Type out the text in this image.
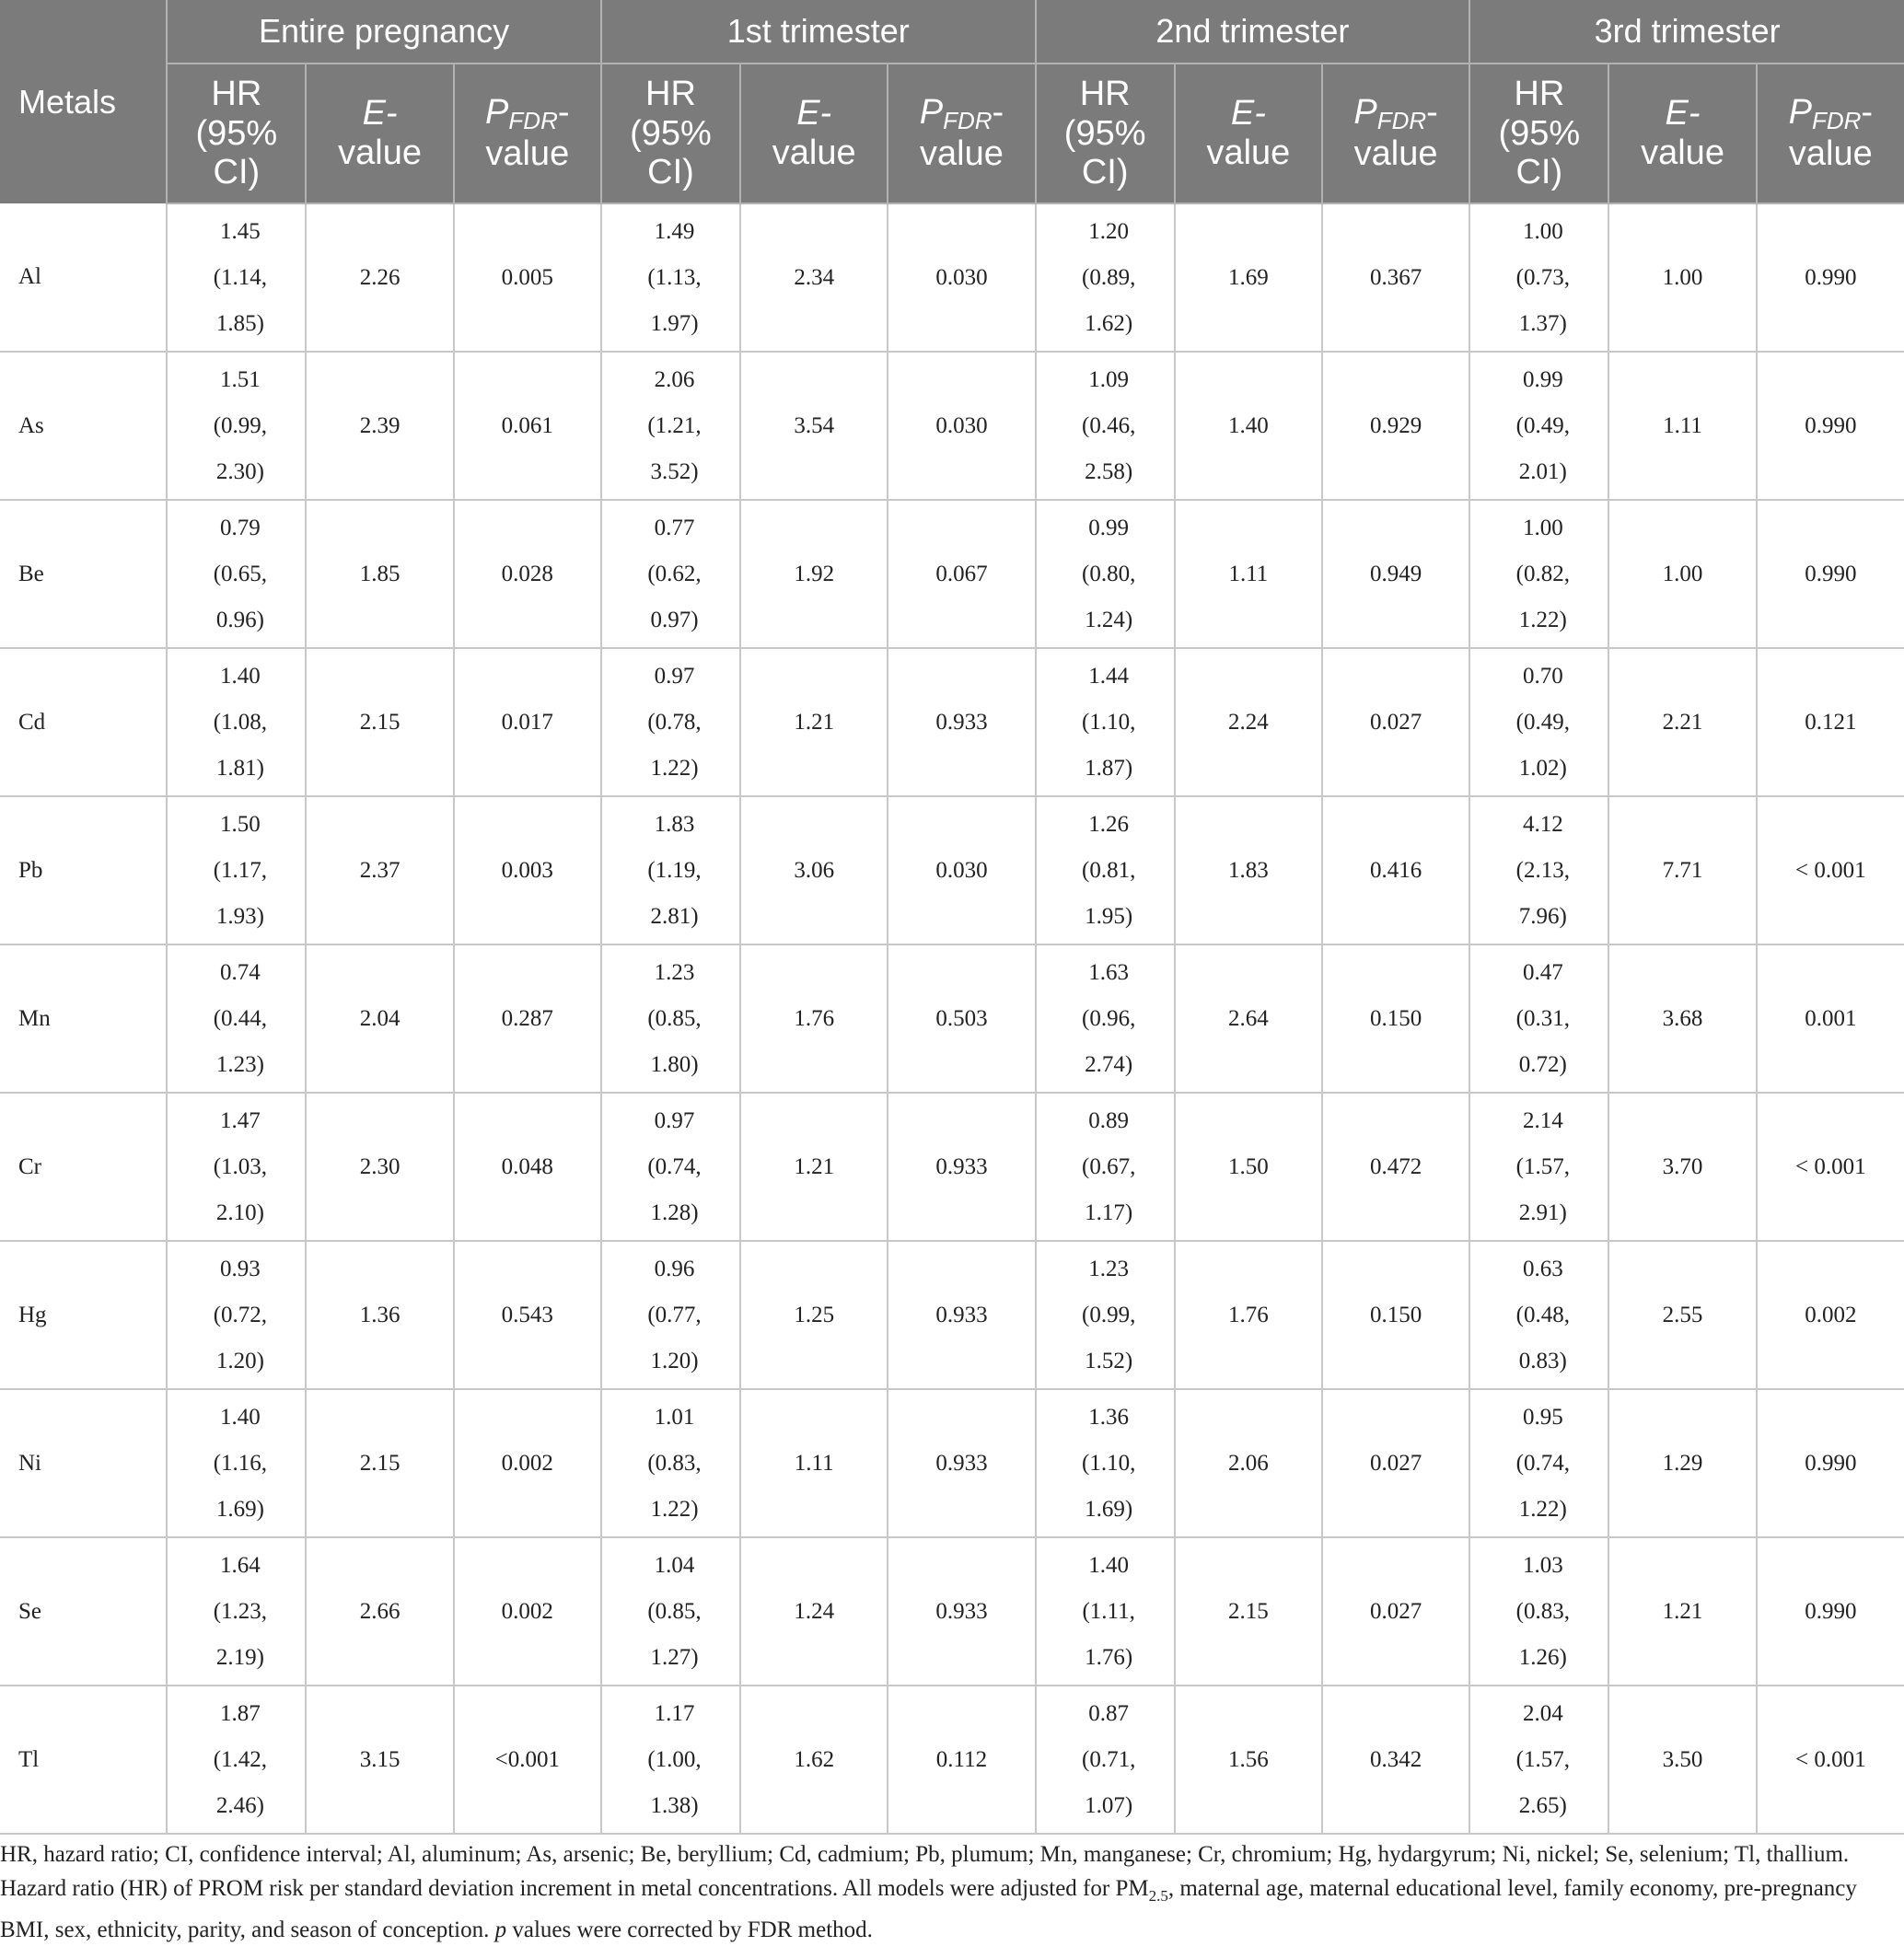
Metals	Entire pregnancy			1st trimester			2nd trimester			3rd trimester		
	HR
(95%
CI)	E-
value	$P_{FDR}-$
value	HR
(95%
CI)	E-
value	$P_{FDR}-$
value	HR
(95%
CI)	E-
value	$P_{FDR}-$
value	HR
(95%
CI)	E-
value	$P_{FDR}-$
value
Al	1.45
(1.14,
1.85)	2.26	0.005	1.49
(1.13,
1.97)	2.34	0.030	1.20
(0.89,
1.62)	1.69	0.367	1.00
(0.73,
1.37)	1.00	0.990
As	1.51
(0.99,
2.30)	2.39	0.061	2.06
(1.21,
3.52)	3.54	0.030	1.09
(0.46,
2.58)	1.40	0.929	0.99
(0.49,
2.01)	1.11	0.990
Be	0.79
(0.65,
0.96)	1.85	0.028	0.77
(0.62,
0.97)	1.92	0.067	0.99
(0.80,
1.24)	1.11	0.949	1.00
(0.82,
1.22)	1.00	0.990
Cd	1.40
(1.08,
1.81)	2.15	0.017	0.97
(0.78,
1.22)	1.21	0.933	1.44
(1.10,
1.87)	2.24	0.027	0.70
(0.49,
1.02)	2.21	0.121
Pb	1.50
(1.17,
1.93)	2.37	0.003	1.83
(1.19,
2.81)	3.06	0.030	1.26
(0.81,
1.95)	1.83	0.416	4.12
(2.13,
7.96)	7.71	< 0.001
Mn	0.74
(0.44,
1.23)	2.04	0.287	1.23
(0.85,
1.80)	1.76	0.503	1.63
(0.96,
2.74)	2.64	0.150	0.47
(0.31,
0.72)	3.68	0.001
Cr	1.47
(1.03,
2.10)	2.30	0.048	0.97
(0.74,
1.28)	1.21	0.933	0.89
(0.67,
1.17)	1.50	0.472	2.14
(1.57,
2.91)	3.70	< 0.001
Hg	0.93
(0.72,
1.20)	1.36	0.543	0.96
(0.77,
1.20)	1.25	0.933	1.23
(0.99,
1.52)	1.76	0.150	0.63
(0.48,
0.83)	2.55	0.002
Ni	1.40
(1.16,
1.69)	2.15	0.002	1.01
(0.83,
1.22)	1.11	0.933	1.36
(1.10,
1.69)	2.06	0.027	0.95
(0.74,
1.22)	1.29	0.990
Se	1.64
(1.23,
2.19)	2.66	0.002	1.04
(0.85,
1.27)	1.24	0.933	1.40
(1.11,
1.76)	2.15	0.027	1.03
(0.83,
1.26)	1.21	0.990
Tl	1.87
(1.42,
2.46)	3.15	<0.001	1.17
(1.00,
1.38)	1.62	0.112	0.87
(0.71,
1.07)	1.56	0.342	2.04
(1.57,
2.65)	3.50	< 0.001
HR, hazard ratio; CI, confidence interval; Al, aluminum; As, arsenic; Be, beryllium; Cd, cadmium; Pb, plumum; Mn, manganese; Cr, chromium; Hg, hydargyrum; Ni, nickel; Se, selenium; Tl, thallium. Hazard ratio (HR) of PROM risk per standard deviation increment in metal concentrations. All models were adjusted for $PM_{2.5}$, maternal age, maternal educational level, family economy, pre-pregnancy BMI, sex, ethnicity, parity, and season of conception. p values were corrected by FDR method.
